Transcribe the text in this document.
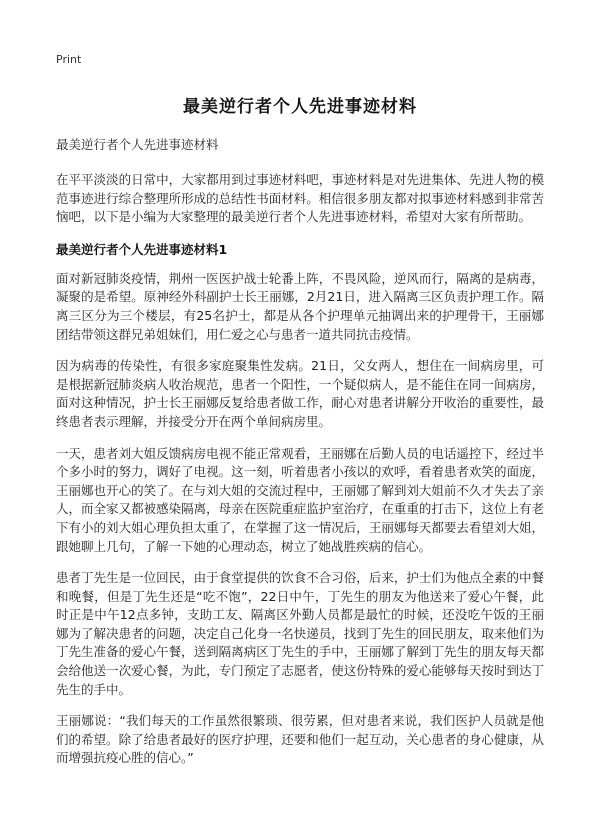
Print
最美逆行者个人先进事迹材料
最美逆行者个人先进事迹材料

在平平淡淡的日常中，大家都用到过事迹材料吧，事迹材料是对先进集体、先进人物的模范事迹进行综合整理所形成的总结性书面材料。相信很多朋友都对拟事迹材料感到非常苦恼吧，以下是小编为大家整理的最美逆行者个人先进事迹材料，希望对大家有所帮助。

最美逆行者个人先进事迹材料1

面对新冠肺炎疫情，荆州一医医护战士轮番上阵，不畏风险，逆风而行，隔离的是病毒，凝聚的是希望。原神经外科副护士长王丽娜，2月21日，进入隔离三区负责护理工作。隔离三区分为三个楼层，有25名护士，都是从各个护理单元抽调出来的护理骨干，王丽娜团结带领这群兄弟姐妹们，用仁爱之心与患者一道共同抗击疫情。

因为病毒的传染性，有很多家庭聚集性发病。21日，父女两人，想住在一间病房里，可是根据新冠肺炎病人收治规范，患者一个阳性，一个疑似病人，是不能住在同一间病房，面对这种情况，护士长王丽娜反复给患者做工作，耐心对患者讲解分开收治的重要性，最终患者表示理解，并接受分开在两个单间病房里。

一天，患者刘大姐反馈病房电视不能正常观看，王丽娜在后勤人员的电话遥控下，经过半个多小时的努力，调好了电视。这一刻，听着患者小孩以的欢呼，看着患者欢笑的面庞，王丽娜也开心的笑了。在与刘大姐的交流过程中，王丽娜了解到刘大姐前不久才失去了亲人，而全家又都被感染隔离，母亲在医院重症监护室治疗，在重重的打击下，这位上有老下有小的刘大姐心理负担太重了，在掌握了这一情况后，王丽娜每天都要去看望刘大姐，跟她聊上几句，了解一下她的心理动态，树立了她战胜疾病的信心。

患者丁先生是一位回民，由于食堂提供的饮食不合习俗，后来，护士们为他点全素的中餐和晚餐，但是丁先生还是“吃不饱”，22日中午，丁先生的朋友为他送来了爱心午餐，此时正是中午12点多钟，支助工友、隔离区外勤人员都是最忙的时候，还没吃午饭的王丽娜为了解决患者的问题，决定自己化身一名快递员，找到丁先生的回民朋友，取来他们为丁先生准备的爱心午餐，送到隔离病区丁先生的手中，王丽娜了解到丁先生的朋友每天都会给他送一次爱心餐，为此，专门预定了志愿者，使这份特殊的爱心能够每天按时到达丁先生的手中。

王丽娜说：“我们每天的工作虽然很繁琐、很劳累，但对患者来说，我们医护人员就是他们的希望。除了给患者最好的医疗护理，还要和他们一起互动，关心患者的身心健康，从而增强抗疫心胜的信心。”
